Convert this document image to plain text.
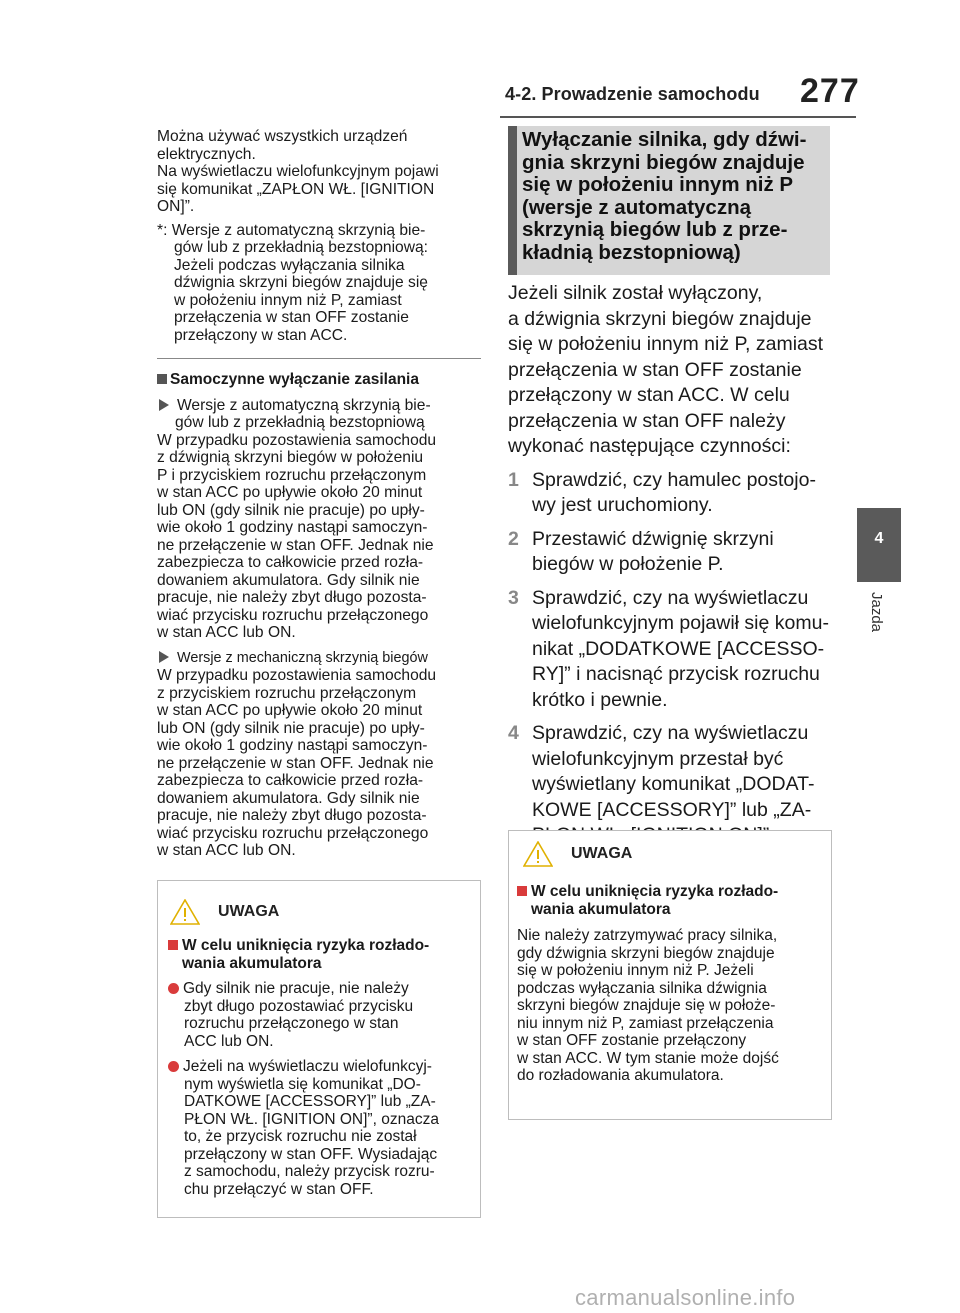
4-2. Prowadzenie samochodu 277
4
Jazda

Można używać wszystkich urządzeń
elektrycznych.
Na wyświetlaczu wielofunkcyjnym pojawi
się komunikat „ZAPŁON WŁ. [IGNITION
ON]”.

*: Wersje z automatyczną skrzynią bie-
gów lub z przekładnią bezstopniową:
Jeżeli podczas wyłączania silnika
dźwignia skrzyni biegów znajduje się
w położeniu innym niż P, zamiast
przełączenia w stan OFF zostanie
przełączony w stan ACC.

Samoczynne wyłączanie zasilania

Wersje z automatyczną skrzynią bie-
gów lub z przekładnią bezstopniową

W przypadku pozostawienia samochodu
z dźwignią skrzyni biegów w położeniu
P i przyciskiem rozruchu przełączonym
w stan ACC po upływie około 20 minut
lub ON (gdy silnik nie pracuje) po upły-
wie około 1 godziny nastąpi samoczyn-
ne przełączenie w stan OFF. Jednak nie
zabezpiecza to całkowicie przed rozła-
dowaniem akumulatora. Gdy silnik nie
pracuje, nie należy zbyt długo pozosta-
wiać przycisku rozruchu przełączonego
w stan ACC lub ON.

Wersje z mechaniczną skrzynią biegów

W przypadku pozostawienia samochodu
z przyciskiem rozruchu przełączonym
w stan ACC po upływie około 20 minut
lub ON (gdy silnik nie pracuje) po upły-
wie około 1 godziny nastąpi samoczyn-
ne przełączenie w stan OFF. Jednak nie
zabezpiecza to całkowicie przed rozła-
dowaniem akumulatora. Gdy silnik nie
pracuje, nie należy zbyt długo pozosta-
wiać przycisku rozruchu przełączonego
w stan ACC lub ON.

UWAGA
W celu uniknięcia ryzyka rozłado-
wania akumulatora
Gdy silnik nie pracuje, nie należy
zbyt długo pozostawiać przycisku
rozruchu przełączonego w stan
ACC lub ON.
Jeżeli na wyświetlaczu wielofunkcyj-
nym wyświetla się komunikat „DO-
DATKOWE [ACCESSORY]” lub „ZA-
PŁON WŁ. [IGNITION ON]”, oznacza
to, że przycisk rozruchu nie został
przełączony w stan OFF. Wysiadając
z samochodu, należy przycisk rozru-
chu przełączyć w stan OFF.
Wyłączanie silnika, gdy dźwi-
gnia skrzyni biegów znajduje
się w położeniu innym niż P
(wersje z automatyczną
skrzynią biegów lub z prze-
kładnią bezstopniową)

Jeżeli silnik został wyłączony,
a dźwignia skrzyni biegów znajduje
się w położeniu innym niż P, zamiast
przełączenia w stan OFF zostanie
przełączony w stan ACC. W celu
przełączenia w stan OFF należy
wykonać następujące czynności:

1 Sprawdzić, czy hamulec postojo-
wy jest uruchomiony.

2 Przestawić dźwignię skrzyni
biegów w położenie P.

3 Sprawdzić, czy na wyświetlaczu
wielofunkcyjnym pojawił się komu-
nikat „DODATKOWE [ACCESSO-
RY]” i nacisnąć przycisk rozruchu
krótko i pewnie.

4 Sprawdzić, czy na wyświetlaczu
wielofunkcyjnym przestał być
wyświetlany komunikat „DODAT-
KOWE [ACCESSORY]” lub „ZA-

UWAGA
W celu uniknięcia ryzyka rozłado-
wania akumulatora
Nie należy zatrzymywać pracy silnika,
gdy dźwignia skrzyni biegów znajduje
się w położeniu innym niż P. Jeżeli
podczas wyłączania silnika dźwignia
skrzyni biegów znajduje się w położe-
niu innym niż P, zamiast przełączenia
w stan OFF zostanie przełączony
w stan ACC. W tym stanie może dojść
do rozładowania akumulatora.
carmanualsonline.info
